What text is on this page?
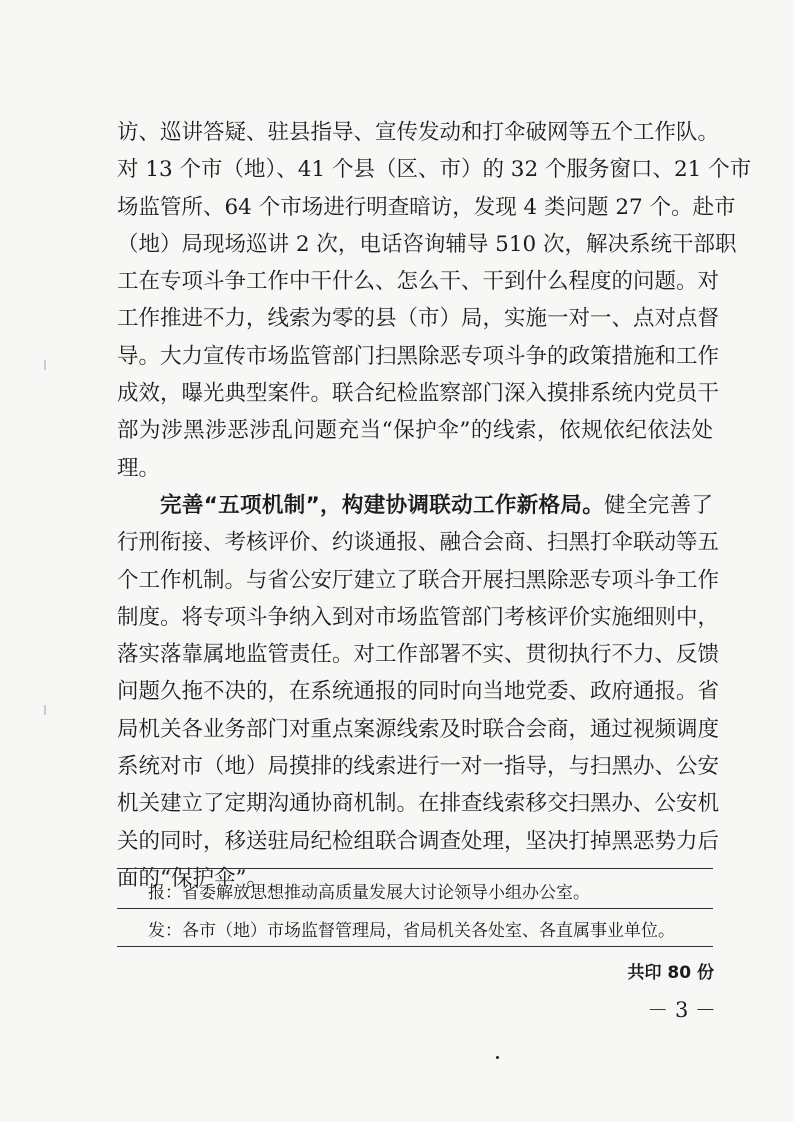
访、巡讲答疑、驻县指导、宣传发动和打伞破网等五个工作队。
对 13 个市（地）、41 个县（区、市）的 32 个服务窗口、21 个市
场监管所、64 个市场进行明查暗访，发现 4 类问题 27 个。赴市
（地）局现场巡讲 2 次，电话咨询辅导 510 次，解决系统干部职
工在专项斗争工作中干什么、怎么干、干到什么程度的问题。对
工作推进不力，线索为零的县（市）局，实施一对一、点对点督
导。大力宣传市场监管部门扫黑除恶专项斗争的政策措施和工作
成效，曝光典型案件。联合纪检监察部门深入摸排系统内党员干
部为涉黑涉恶涉乱问题充当“保护伞”的线索，依规依纪依法处
理。
完善“五项机制”，构建协调联动工作新格局。健全完善了
行刑衔接、考核评价、约谈通报、融合会商、扫黑打伞联动等五
个工作机制。与省公安厅建立了联合开展扫黑除恶专项斗争工作
制度。将专项斗争纳入到对市场监管部门考核评价实施细则中，
落实落靠属地监管责任。对工作部署不实、贯彻执行不力、反馈
问题久拖不决的，在系统通报的同时向当地党委、政府通报。省
局机关各业务部门对重点案源线索及时联合会商，通过视频调度
系统对市（地）局摸排的线索进行一对一指导，与扫黑办、公安
机关建立了定期沟通协商机制。在排查线索移交扫黑办、公安机
关的同时，移送驻局纪检组联合调查处理，坚决打掉黑恶势力后
面的“保护伞”。
报：省委解放思想推动高质量发展大讨论领导小组办公室。
发：各市（地）市场监督管理局，省局机关各处室、各直属事业单位。
共印 80 份
－ 3 －
